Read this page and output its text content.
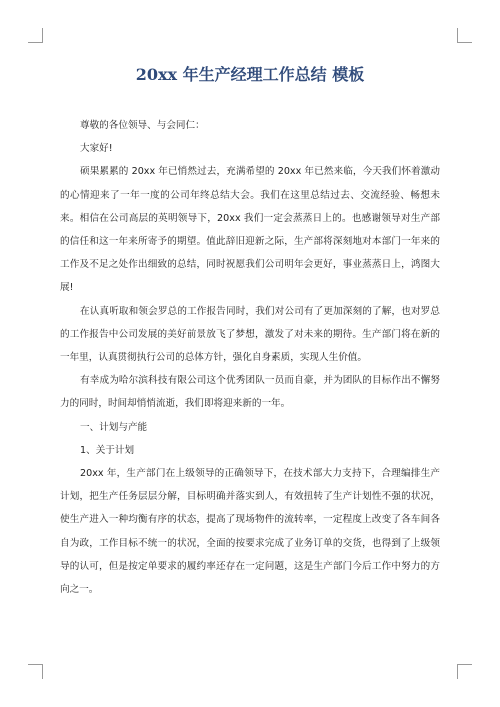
20xx 年生产经理工作总结 模板

尊敬的各位领导、与会同仁：

大家好!

硕果累累的 20xx 年已悄然过去，充满希望的 20xx 年已然来临，今天我们怀着激动的心情迎来了一年一度的公司年终总结大会。我们在这里总结过去、交流经验、畅想未来。相信在公司高层的英明领导下，20xx 我们一定会蒸蒸日上的。也感谢领导对生产部的信任和这一年来所寄予的期望。值此辞旧迎新之际，生产部将深刻地对本部门一年来的工作及不足之处作出细致的总结，同时祝愿我们公司明年会更好，事业蒸蒸日上，鸿图大展!

在认真听取和领会罗总的工作报告同时，我们对公司有了更加深刻的了解，也对罗总的工作报告中公司发展的美好前景放飞了梦想，激发了对未来的期待。生产部门将在新的一年里，认真贯彻执行公司的总体方针，强化自身素质，实现人生价值。

有幸成为哈尔滨科技有限公司这个优秀团队一员而自豪，并为团队的目标作出不懈努力的同时，时间却悄悄流逝，我们即将迎来新的一年。

一、计划与产能

1、关于计划

20xx 年，生产部门在上级领导的正确领导下，在技术部大力支持下，合理编排生产计划，把生产任务层层分解，目标明确并落实到人，有效扭转了生产计划性不强的状况，使生产进入一种均衡有序的状态，提高了现场物件的流转率，一定程度上改变了各车间各自为政，工作目标不统一的状况，全面的按要求完成了业务订单的交货，也得到了上级领导的认可，但是按定单要求的履约率还存在一定问题，这是生产部门今后工作中努力的方向之一。
